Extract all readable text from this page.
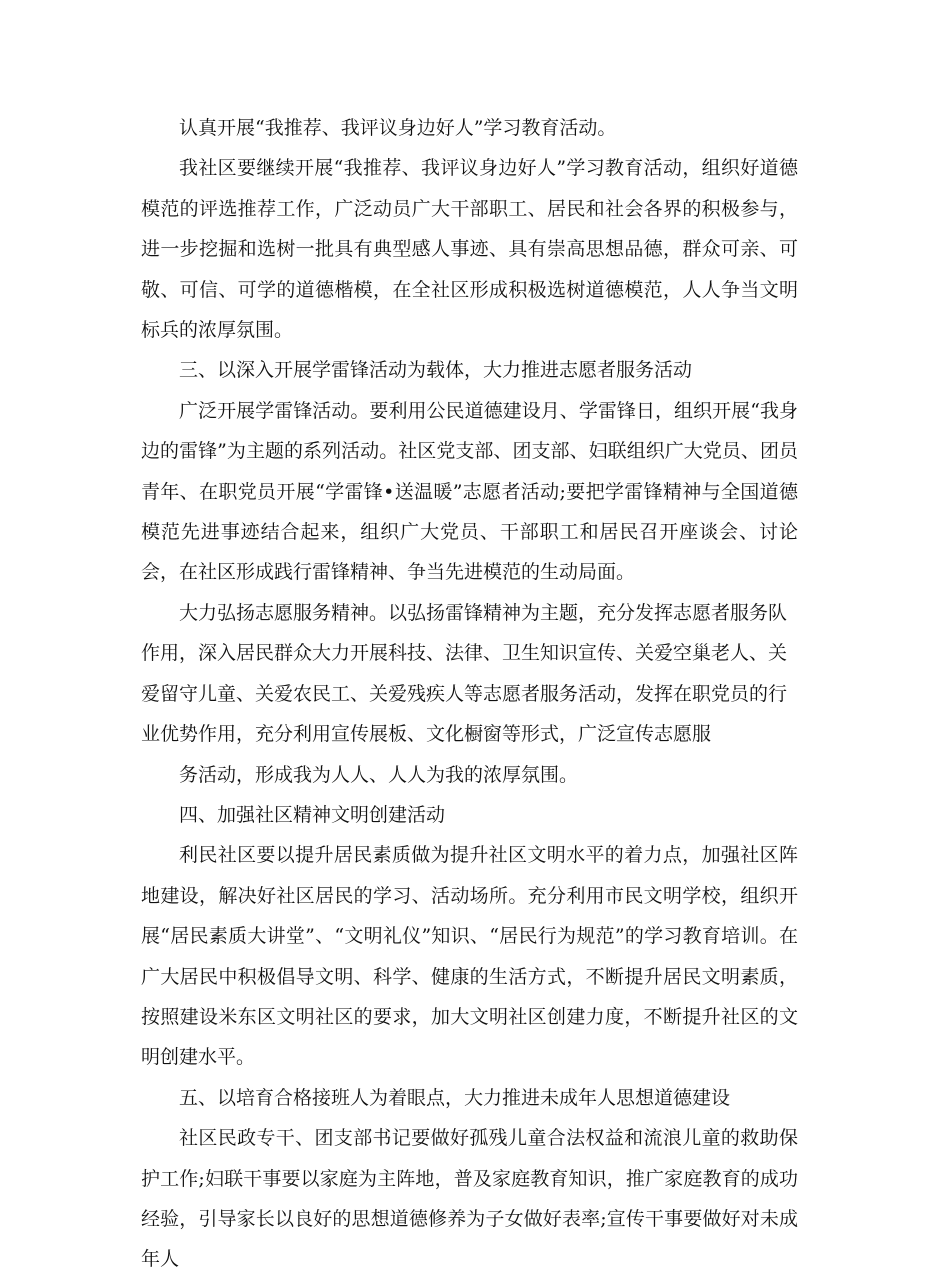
认真开展“我推荐、我评议身边好人”学习教育活动。

我社区要继续开展“我推荐、我评议身边好人”学习教育活动，组织好道德模范的评选推荐工作，广泛动员广大干部职工、居民和社会各界的积极参与，进一步挖掘和选树一批具有典型感人事迹、具有崇高思想品德，群众可亲、可敬、可信、可学的道德楷模，在全社区形成积极选树道德模范，人人争当文明标兵的浓厚氛围。

三、以深入开展学雷锋活动为载体，大力推进志愿者服务活动

广泛开展学雷锋活动。要利用公民道德建设月、学雷锋日，组织开展“我身边的雷锋”为主题的系列活动。社区党支部、团支部、妇联组织广大党员、团员青年、在职党员开展“学雷锋•送温暖”志愿者活动;要把学雷锋精神与全国道德模范先进事迹结合起来，组织广大党员、干部职工和居民召开座谈会、讨论会，在社区形成践行雷锋精神、争当先进模范的生动局面。

大力弘扬志愿服务精神。以弘扬雷锋精神为主题，充分发挥志愿者服务队作用，深入居民群众大力开展科技、法律、卫生知识宣传、关爱空巢老人、关爱留守儿童、关爱农民工、关爱残疾人等志愿者服务活动，发挥在职党员的行业优势作用，充分利用宣传展板、文化橱窗等形式，广泛宣传志愿服

务活动，形成我为人人、人人为我的浓厚氛围。

四、加强社区精神文明创建活动

利民社区要以提升居民素质做为提升社区文明水平的着力点，加强社区阵地建设，解决好社区居民的学习、活动场所。充分利用市民文明学校，组织开展“居民素质大讲堂”、“文明礼仪”知识、“居民行为规范”的学习教育培训。在广大居民中积极倡导文明、科学、健康的生活方式，不断提升居民文明素质，按照建设米东区文明社区的要求，加大文明社区创建力度，不断提升社区的文明创建水平。

五、以培育合格接班人为着眼点，大力推进未成年人思想道德建设

社区民政专干、团支部书记要做好孤残儿童合法权益和流浪儿童的救助保护工作;妇联干事要以家庭为主阵地，普及家庭教育知识，推广家庭教育的成功经验，引导家长以良好的思想道德修养为子女做好表率;宣传干事要做好对未成年人
